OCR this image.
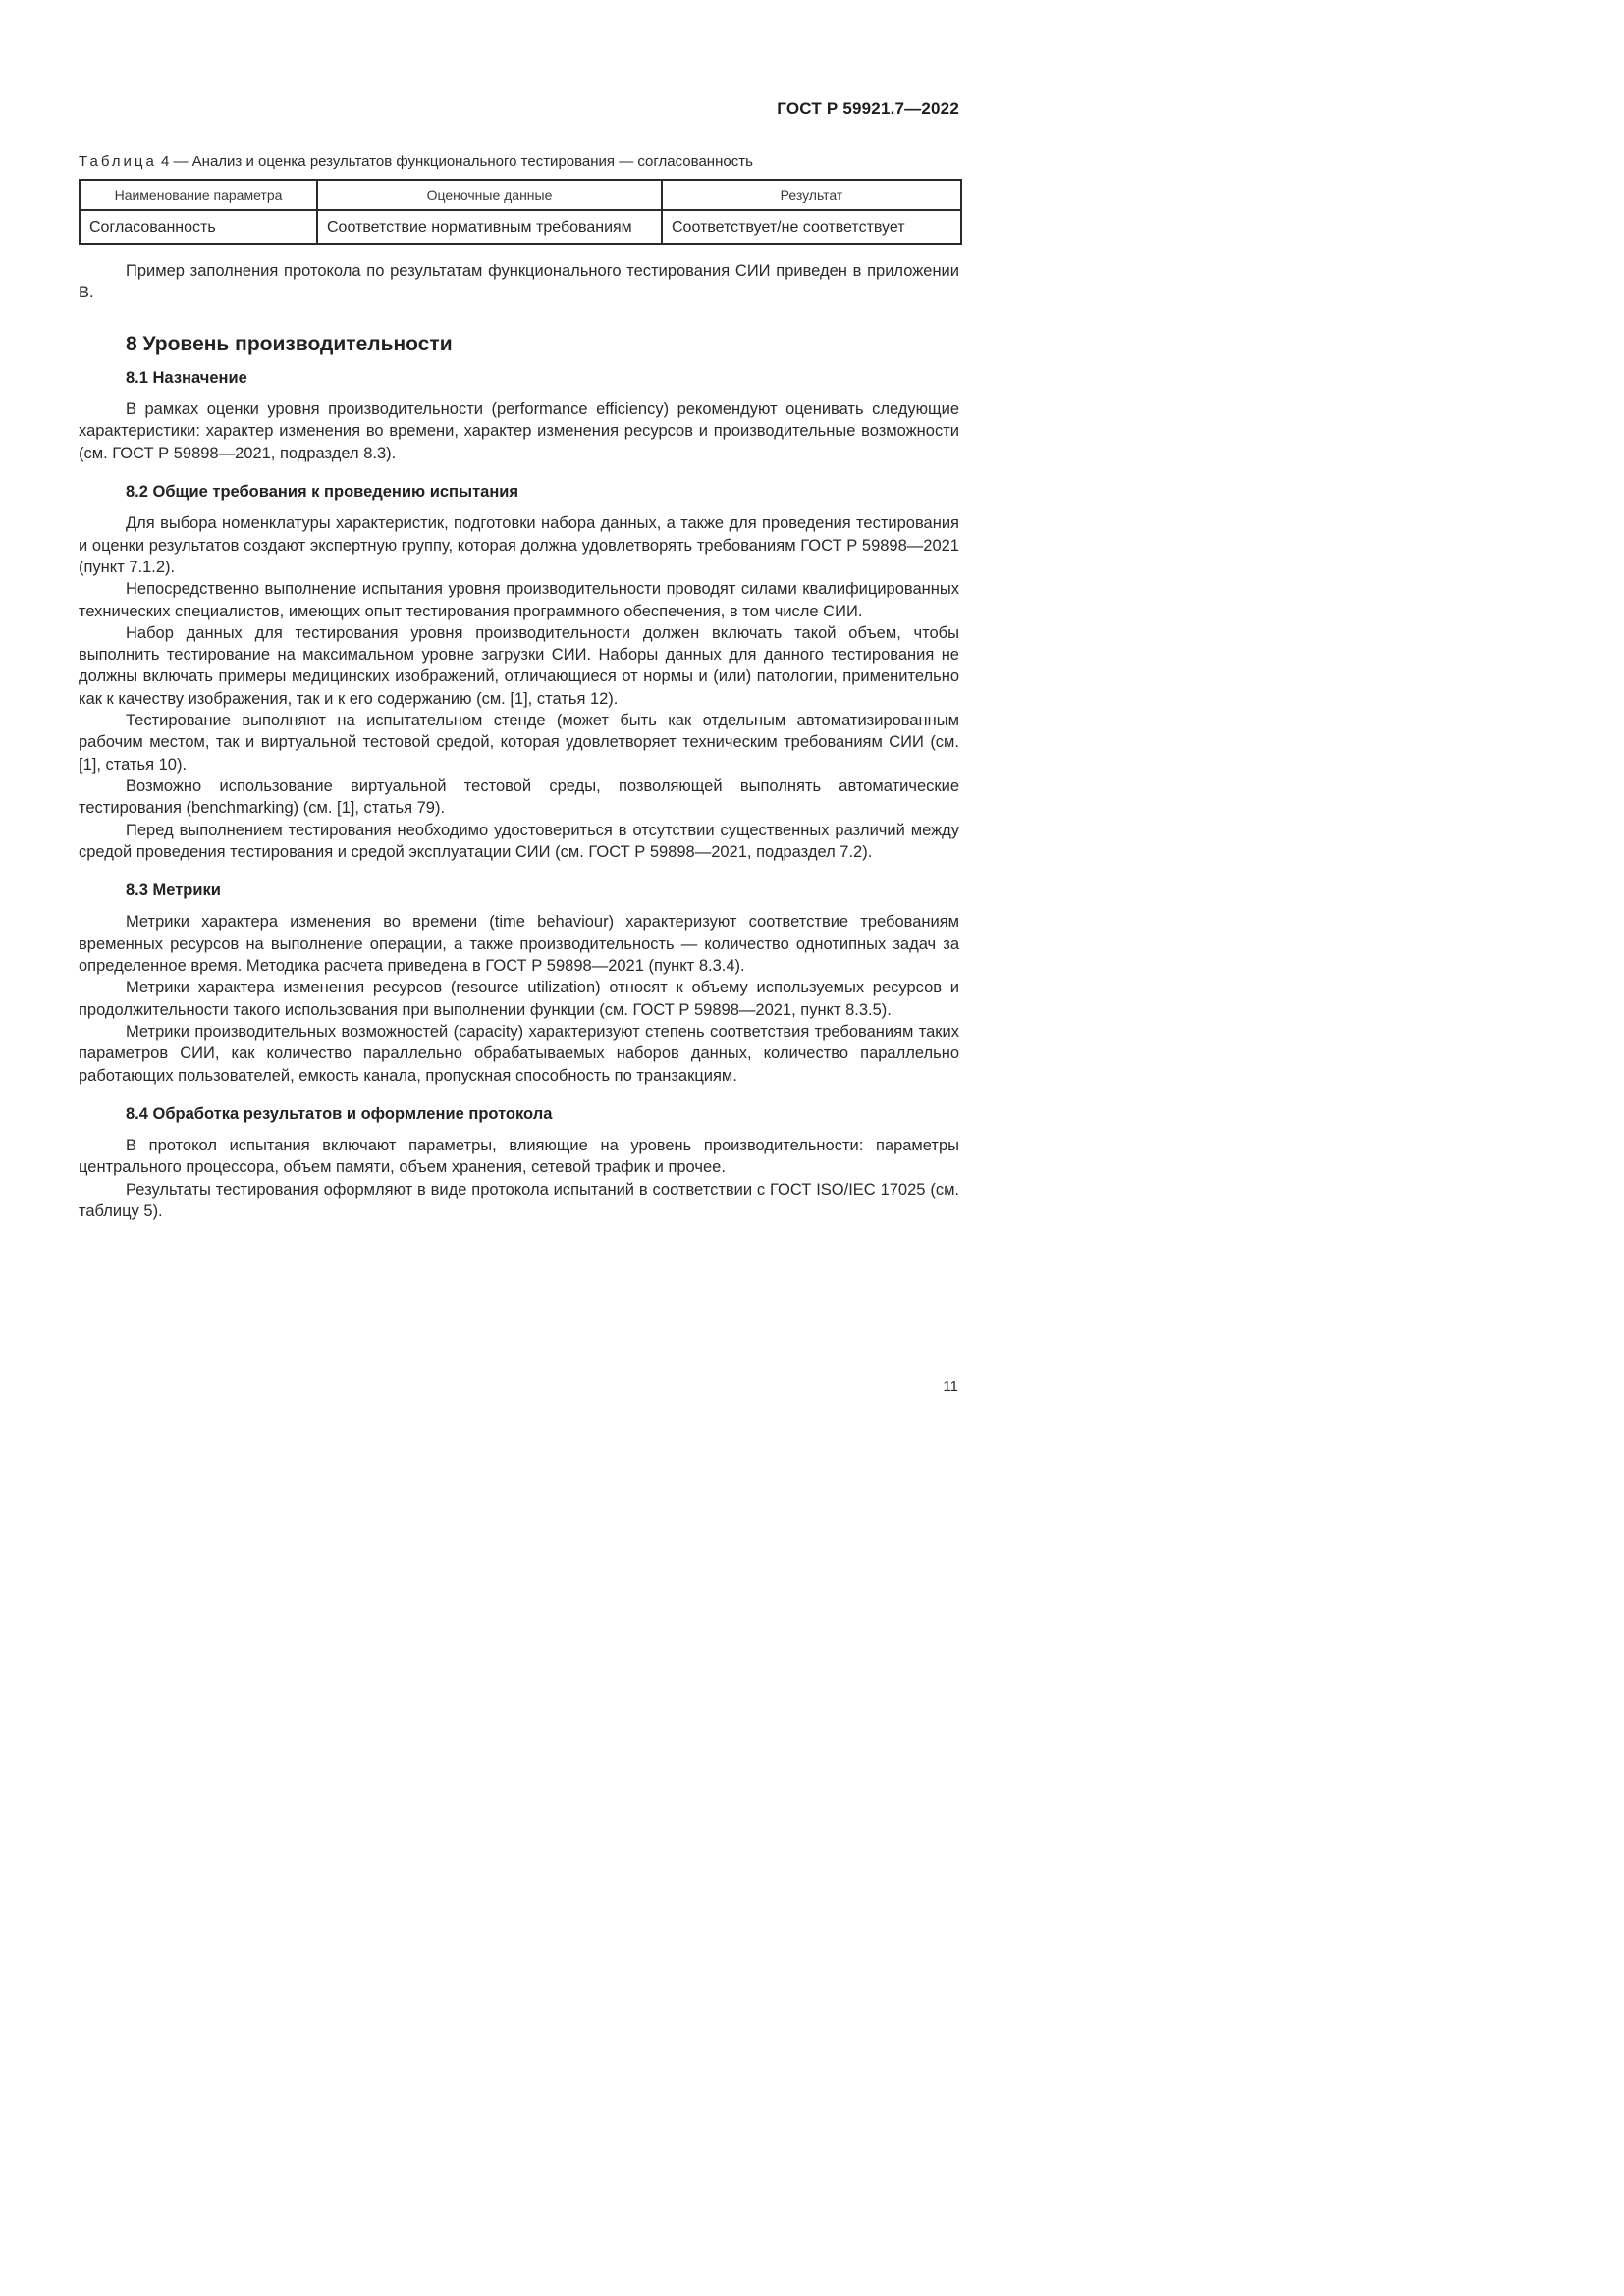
ГОСТ Р 59921.7—2022
Таблица 4 — Анализ и оценка результатов функционального тестирования — согласованность
Наименование параметра	Оценочные данные	Результат
Согласованность	Соответствие нормативным требованиям	Соответствует/не соответствует

Пример заполнения протокола по результатам функционального тестирования СИИ приведен в приложении В.

8 Уровень производительности
8.1 Назначение

В рамках оценки уровня производительности (performance efficiency) рекомендуют оценивать следующие характеристики: характер изменения во времени, характер изменения ресурсов и производительные возможности (см. ГОСТ Р 59898—2021, подраздел 8.3).

8.2 Общие требования к проведению испытания

Для выбора номенклатуры характеристик, подготовки набора данных, а также для проведения тестирования и оценки результатов создают экспертную группу, которая должна удовлетворять требованиям ГОСТ Р 59898—2021 (пункт 7.1.2).

Непосредственно выполнение испытания уровня производительности проводят силами квалифицированных технических специалистов, имеющих опыт тестирования программного обеспечения, в том числе СИИ.

Набор данных для тестирования уровня производительности должен включать такой объем, чтобы выполнить тестирование на максимальном уровне загрузки СИИ. Наборы данных для данного тестирования не должны включать примеры медицинских изображений, отличающиеся от нормы и (или) патологии, применительно как к качеству изображения, так и к его содержанию (см. [1], статья 12).

Тестирование выполняют на испытательном стенде (может быть как отдельным автоматизированным рабочим местом, так и виртуальной тестовой средой, которая удовлетворяет техническим требованиям СИИ (см. [1], статья 10).

Возможно использование виртуальной тестовой среды, позволяющей выполнять автоматические тестирования (benchmarking) (см. [1], статья 79).

Перед выполнением тестирования необходимо удостовериться в отсутствии существенных различий между средой проведения тестирования и средой эксплуатации СИИ (см. ГОСТ Р 59898—2021, подраздел 7.2).

8.3 Метрики

Метрики характера изменения во времени (time behaviour) характеризуют соответствие требованиям временных ресурсов на выполнение операции, а также производительность — количество однотипных задач за определенное время. Методика расчета приведена в ГОСТ Р 59898—2021 (пункт 8.3.4).

Метрики характера изменения ресурсов (resource utilization) относят к объему используемых ресурсов и продолжительности такого использования при выполнении функции (см. ГОСТ Р 59898—2021, пункт 8.3.5).

Метрики производительных возможностей (capacity) характеризуют степень соответствия требованиям таких параметров СИИ, как количество параллельно обрабатываемых наборов данных, количество параллельно работающих пользователей, емкость канала, пропускная способность по транзакциям.

8.4 Обработка результатов и оформление протокола

В протокол испытания включают параметры, влияющие на уровень производительности: параметры центрального процессора, объем памяти, объем хранения, сетевой трафик и прочее.

Результаты тестирования оформляют в виде протокола испытаний в соответствии с ГОСТ ISO/IEC 17025 (см. таблицу 5).

11
